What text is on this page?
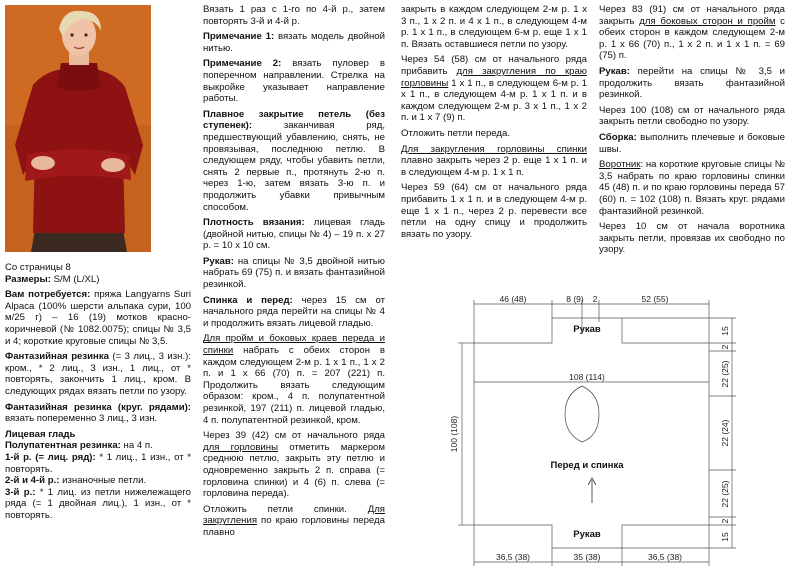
Со страницы 8
Размеры: S/M (L/XL)

Вам потребуется: пряжа Langyarns Suri Alpaca (100% шерсти альпака сури, 100 м/25 г) – 16 (19) мотков красно-коричневой (№ 1082.0075); спицы № 3,5 и 4; короткие круговые спицы № 3,5.

Фантазийная резинка (= 3 лиц., 3 изн.): кром., * 2 лиц., 3 изн., 1 лиц., от * повторять, закончить 1 лиц., кром. В следующих рядах вязать петли по узору.

Фантазийная резинка (круг. рядами): вязать попеременно 3 лиц., 3 изн.

Лицевая гладь
Полупатентная резинка: на 4 п.
1-й р. (= лиц. ряд): * 1 лиц., 1 изн., от * повторять.
2-й и 4-й р.: изнаночные петли.
3-й р.: * 1 лиц. из петли нижележащего ряда (= 1 двойная лиц.), 1 изн., от * повторять.

Вязать 1 раз с 1-го по 4-й р., затем повторять 3-й и 4-й р.

Примечание 1: вязать модель двойной нитью.

Примечание 2: вязать пуловер в поперечном направлении. Стрелка на выкройке указывает направление работы.

Плавное закрытие петель (без ступенек): заканчивая ряд, предшествующий убавлению, снять, не провязывая, последнюю петлю. В следующем ряду, чтобы убавить петли, снять 2 первые п., протянуть 2-ю п. через 1-ю, затем вязать 3-ю п. и продолжить убавки привычным способом.

Плотность вязания: лицевая гладь (двойной нитью, спицы № 4) – 19 п. х 27 р. = 10 х 10 см.

Рукав: на спицы № 3,5 двойной нитью набрать 69 (75) п. и вязать фантазийной резинкой.

Спинка и перед: через 15 см от начального ряда перейти на спицы № 4 и продолжить вязать лицевой гладью.

Для пройм и боковых краев переда и спинки набрать с обеих сторон в каждом следующем 2-м р. 1 х 1 п., 1 х 2 п. и 1 х 66 (70) п. = 207 (221) п. Продолжить вязать следующим образом: кром., 4 п. полупатентной резинкой, 197 (211) п. лицевой гладью, 4 п. полупатентной резинкой, кром.

Через 39 (42) см от начального ряда для горловины отметить маркером среднюю петлю, закрыть эту петлю и одновременно закрыть 2 п. справа (= горловина спинки) и 4 (6) п. слева (= горловина переда).

Отложить петли спинки. Для закругления по краю горловины переда плавно

закрыть в каждом следующем 2-м р. 1 х 3 п., 1 х 2 п. и 4 х 1 п., в следующем 4-м р. 1 х 1 п., в следующем 6-м р. еще 1 х 1 п. Вязать оставшиеся петли по узору.

Через 54 (58) см от начального ряда прибавить для закругления по краю горловины 1 х 1 п., в следующем 6-м р. 1 х 1 п., в следующем 4-м р. 1 х 1 п. и в каждом следующем 2-м р. 3 х 1 п., 1 х 2 п. и 1 х 7 (9) п.

Отложить петли переда.

Для закругления горловины спинки плавно закрыть через 2 р. еще 1 х 1 п. и в следующем 4-м р. 1 х 1 п.

Через 59 (64) см от начального ряда прибавить 1 х 1 п. и в следующем 4-м р. еще 1 х 1 п., через 2 р. перевести все петли на одну спицу и продолжить вязать по узору.

Через 83 (91) см от начального ряда закрыть для боковых сторон и пройм с обеих сторон в каждом следующем 2-м р. 1 х 66 (70) п., 1 х 2 п. и 1 х 1 п. = 69 (75) п.

Рукав: перейти на спицы № 3,5 и продолжить вязать фантазийной резинкой.

Через 100 (108) см от начального ряда закрыть петли свободно по узору.

Сборка: выполнить плечевые и боковые швы.

Воротник: на короткие круговые спицы № 3,5 набрать по краю горловины спинки 45 (48) п. и по краю горловины переда 57 (60) п. = 102 (108) п. Вязать круг. рядами фантазийной резинкой.

Через 10 см от начала воротника закрыть петли, провязав их свободно по узору.

46 (48)	8 (9) 2	52 (55)
108 (114)
100 (108)
15
2
22 (25)
22 (24)
22 (25)
2
15
36,5 (38)	35 (38)	36,5 (38)
Рукав
Перед и спинка
Рукав
